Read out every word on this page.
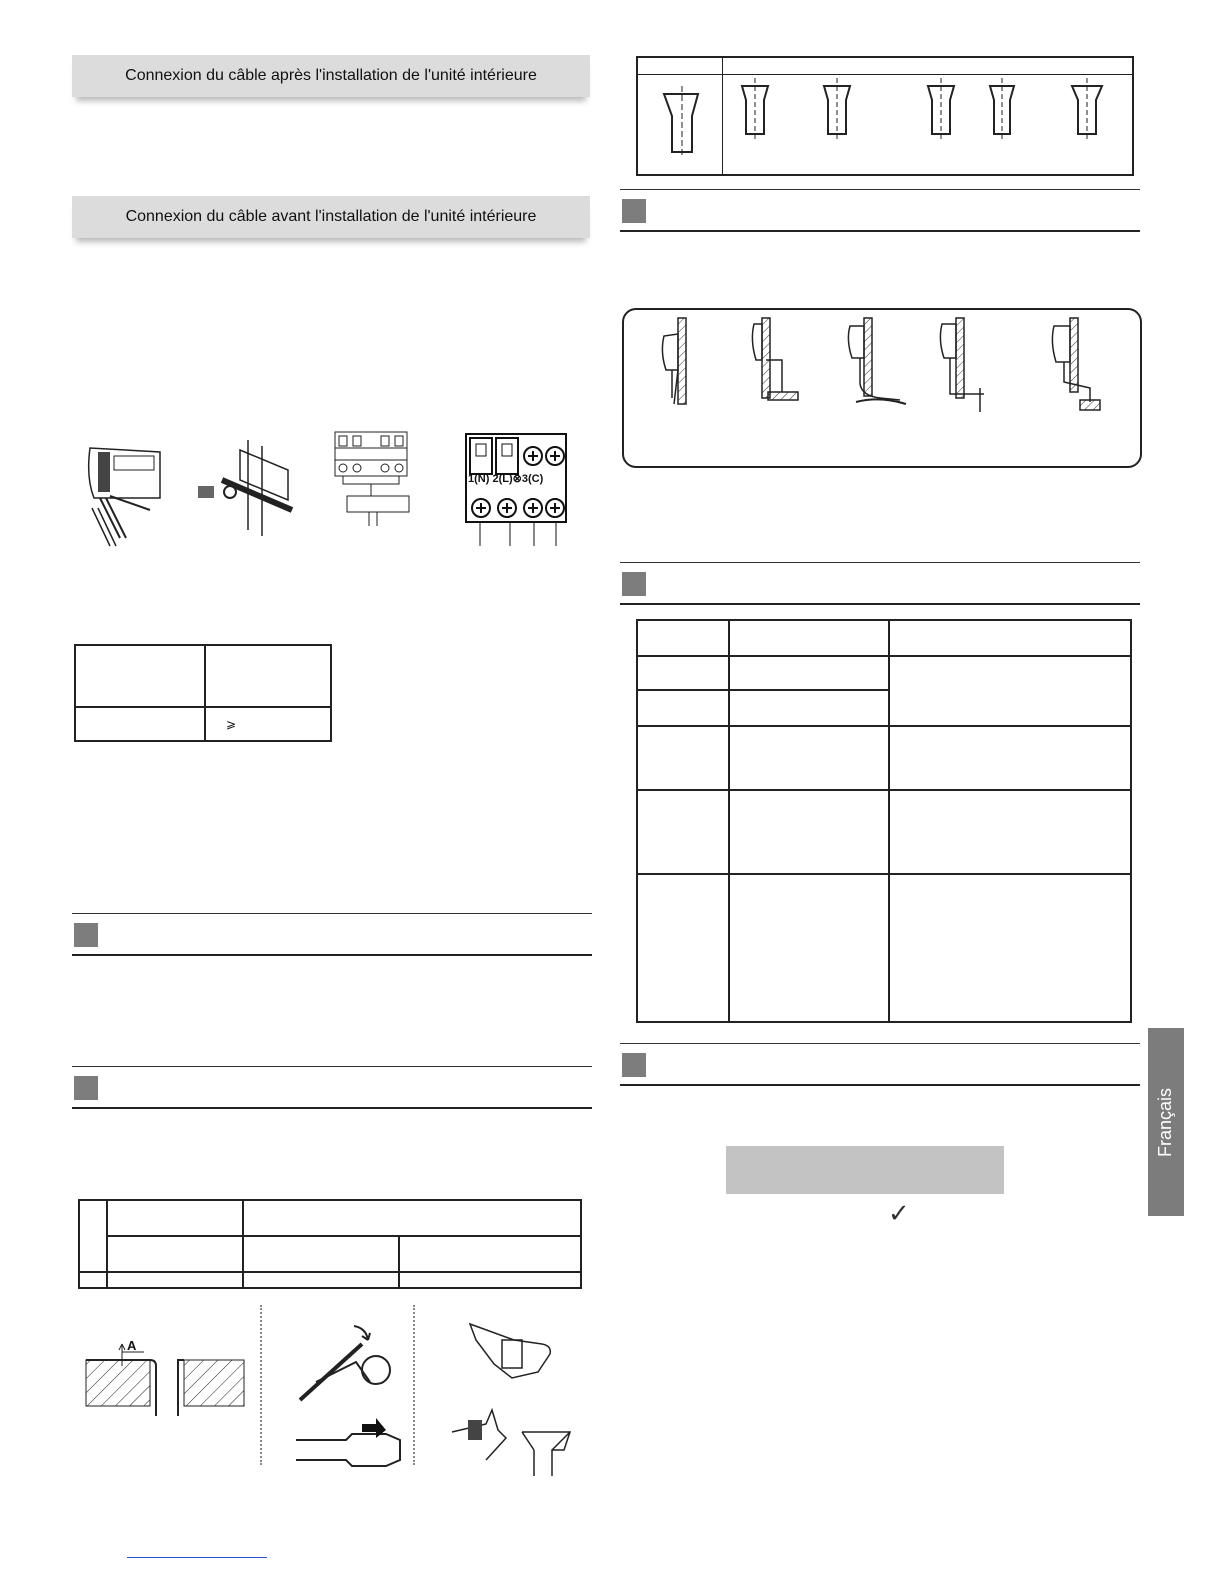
Connexion du câble après l'installation de l'unité intérieure
Connexion du câble avant l'installation de l'unité intérieure
1(N) 2(L)⊗3(C)

	⩾

A

✓
Français
